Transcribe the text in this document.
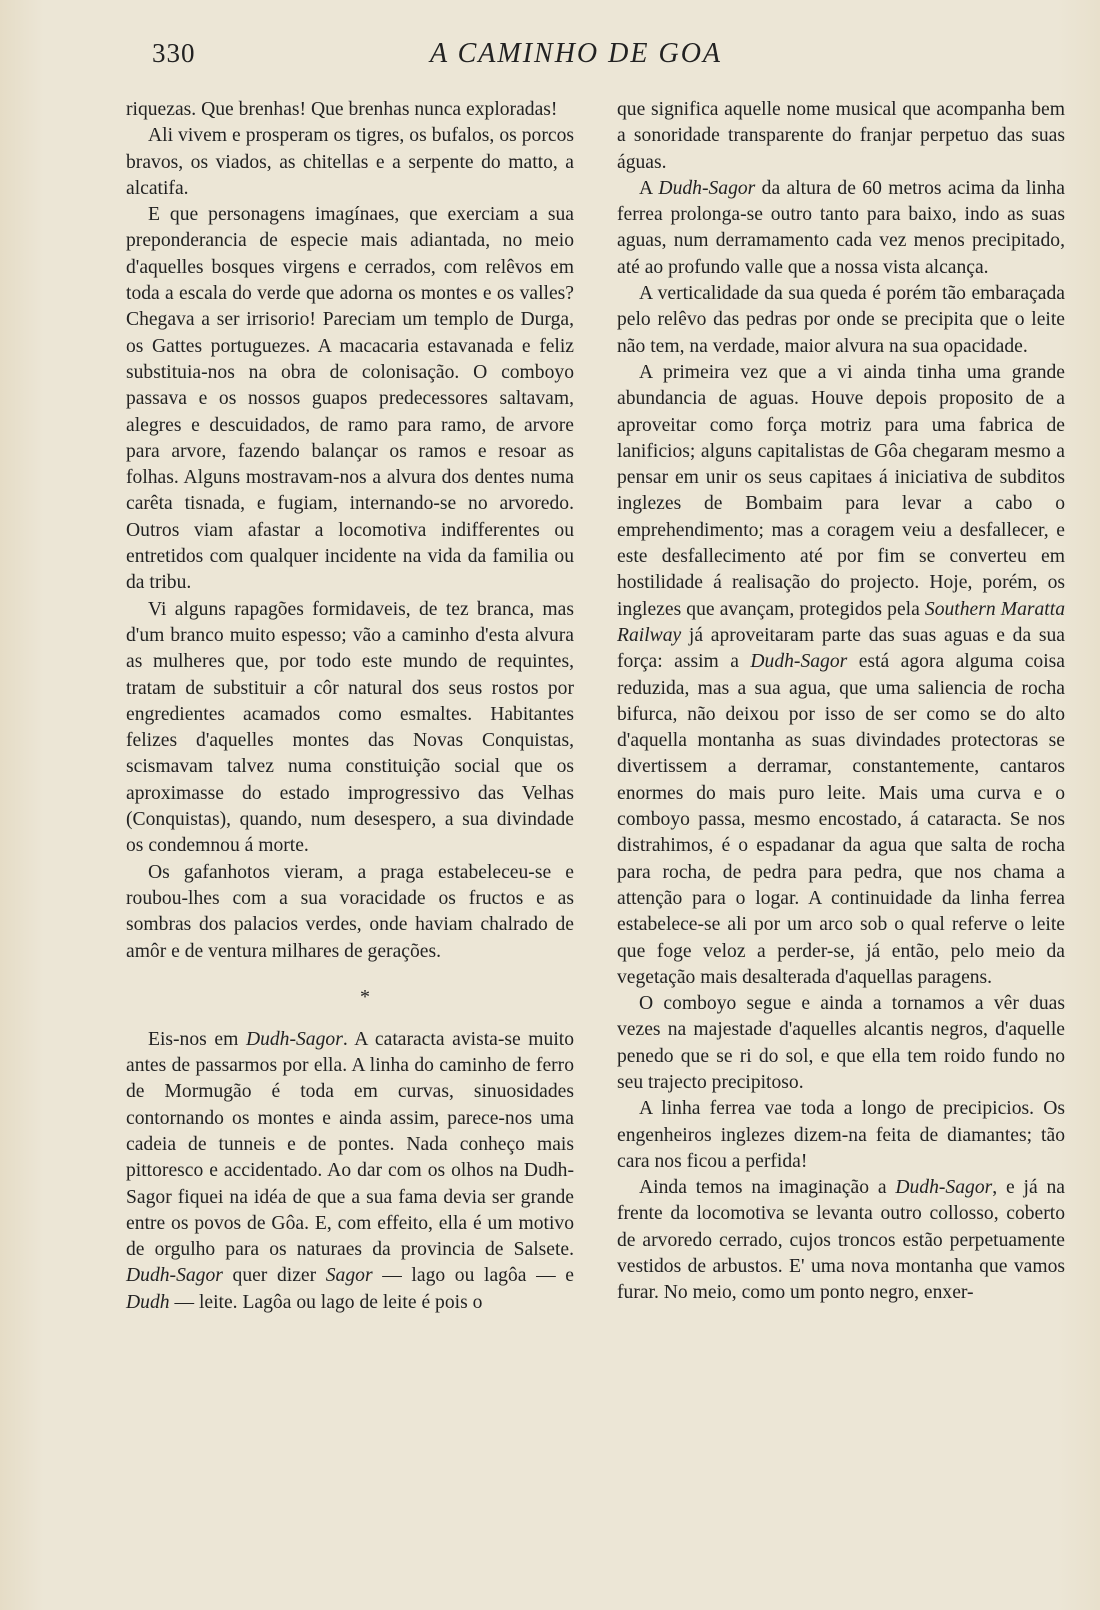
330	A CAMINHO DE GOA

riquezas. Que brenhas! Que brenhas nunca exploradas!

Ali vivem e prosperam os tigres, os bufalos, os porcos bravos, os viados, as chitellas e a serpente do matto, a alcatifa.

E que personagens imagínaes, que exerciam a sua preponderancia de especie mais adiantada, no meio d'aquelles bosques virgens e cerrados, com relêvos em toda a escala do verde que adorna os montes e os valles? Chegava a ser irrisorio! Pareciam um templo de Durga, os Gattes portuguezes. A macacaria estavanada e feliz substituia-nos na obra de colonisação. O comboyo passava e os nossos guapos predecessores saltavam, alegres e descuidados, de ramo para ramo, de arvore para arvore, fazendo balançar os ramos e resoar as folhas. Alguns mostravam-nos a alvura dos dentes numa carêta tisnada, e fugiam, internando-se no arvoredo. Outros viam afastar a locomotiva indifferentes ou entretidos com qualquer incidente na vida da familia ou da tribu.

Vi alguns rapagões formidaveis, de tez branca, mas d'um branco muito espesso; vão a caminho d'esta alvura as mulheres que, por todo este mundo de requintes, tratam de substituir a côr natural dos seus rostos por engredientes acamados como esmaltes. Habitantes felizes d'aquelles montes das Novas Conquistas, scismavam talvez numa constituição social que os aproximasse do estado improgressivo das Velhas (Conquistas), quando, num desespero, a sua divindade os condemnou á morte.

Os gafanhotos vieram, a praga estabeleceu-se e roubou-lhes com a sua voracidade os fructos e as sombras dos palacios verdes, onde haviam chalrado de amôr e de ventura milhares de gerações.

*

Eis-nos em Dudh-Sagor. A cataracta avista-se muito antes de passarmos por ella. A linha do caminho de ferro de Mormugão é toda em curvas, sinuosidades contornando os montes e ainda assim, parece-nos uma cadeia de tunneis e de pontes. Nada conheço mais pittoresco e accidentado. Ao dar com os olhos na Dudh-Sagor fiquei na idéa de que a sua fama devia ser grande entre os povos de Gôa. E, com effeito, ella é um motivo de orgulho para os naturaes da provincia de Salsete. Dudh-Sagor quer dizer Sagor — lago ou lagôa — e Dudh — leite. Lagôa ou lago de leite é pois o

que significa aquelle nome musical que acompanha bem a sonoridade transparente do franjar perpetuo das suas águas.

A Dudh-Sagor da altura de 60 metros acima da linha ferrea prolonga-se outro tanto para baixo, indo as suas aguas, num derramamento cada vez menos precipitado, até ao profundo valle que a nossa vista alcança.

A verticalidade da sua queda é porém tão embaraçada pelo relêvo das pedras por onde se precipita que o leite não tem, na verdade, maior alvura na sua opacidade.

A primeira vez que a vi ainda tinha uma grande abundancia de aguas. Houve depois proposito de a aproveitar como força motriz para uma fabrica de lanificios; alguns capitalistas de Gôa chegaram mesmo a pensar em unir os seus capitaes á iniciativa de subditos inglezes de Bombaim para levar a cabo o emprehendimento; mas a coragem veiu a desfallecer, e este desfallecimento até por fim se converteu em hostilidade á realisação do projecto. Hoje, porém, os inglezes que avançam, protegidos pela Southern Maratta Railway já aproveitaram parte das suas aguas e da sua força: assim a Dudh-Sagor está agora alguma coisa reduzida, mas a sua agua, que uma saliencia de rocha bifurca, não deixou por isso de ser como se do alto d'aquella montanha as suas divindades protectoras se divertissem a derramar, constantemente, cantaros enormes do mais puro leite. Mais uma curva e o comboyo passa, mesmo encostado, á cataracta. Se nos distrahimos, é o espadanar da agua que salta de rocha para rocha, de pedra para pedra, que nos chama a attenção para o logar. A continuidade da linha ferrea estabelece-se ali por um arco sob o qual referve o leite que foge veloz a perder-se, já então, pelo meio da vegetação mais desalterada d'aquellas paragens.

O comboyo segue e ainda a tornamos a vêr duas vezes na majestade d'aquelles alcantis negros, d'aquelle penedo que se ri do sol, e que ella tem roido fundo no seu trajecto precipitoso.

A linha ferrea vae toda a longo de precipicios. Os engenheiros inglezes dizem-na feita de diamantes; tão cara nos ficou a perfida!

Ainda temos na imaginação a Dudh-Sagor, e já na frente da locomotiva se levanta outro collosso, coberto de arvoredo cerrado, cujos troncos estão perpetuamente vestidos de arbustos. E' uma nova montanha que vamos furar. No meio, como um ponto negro, enxer-
